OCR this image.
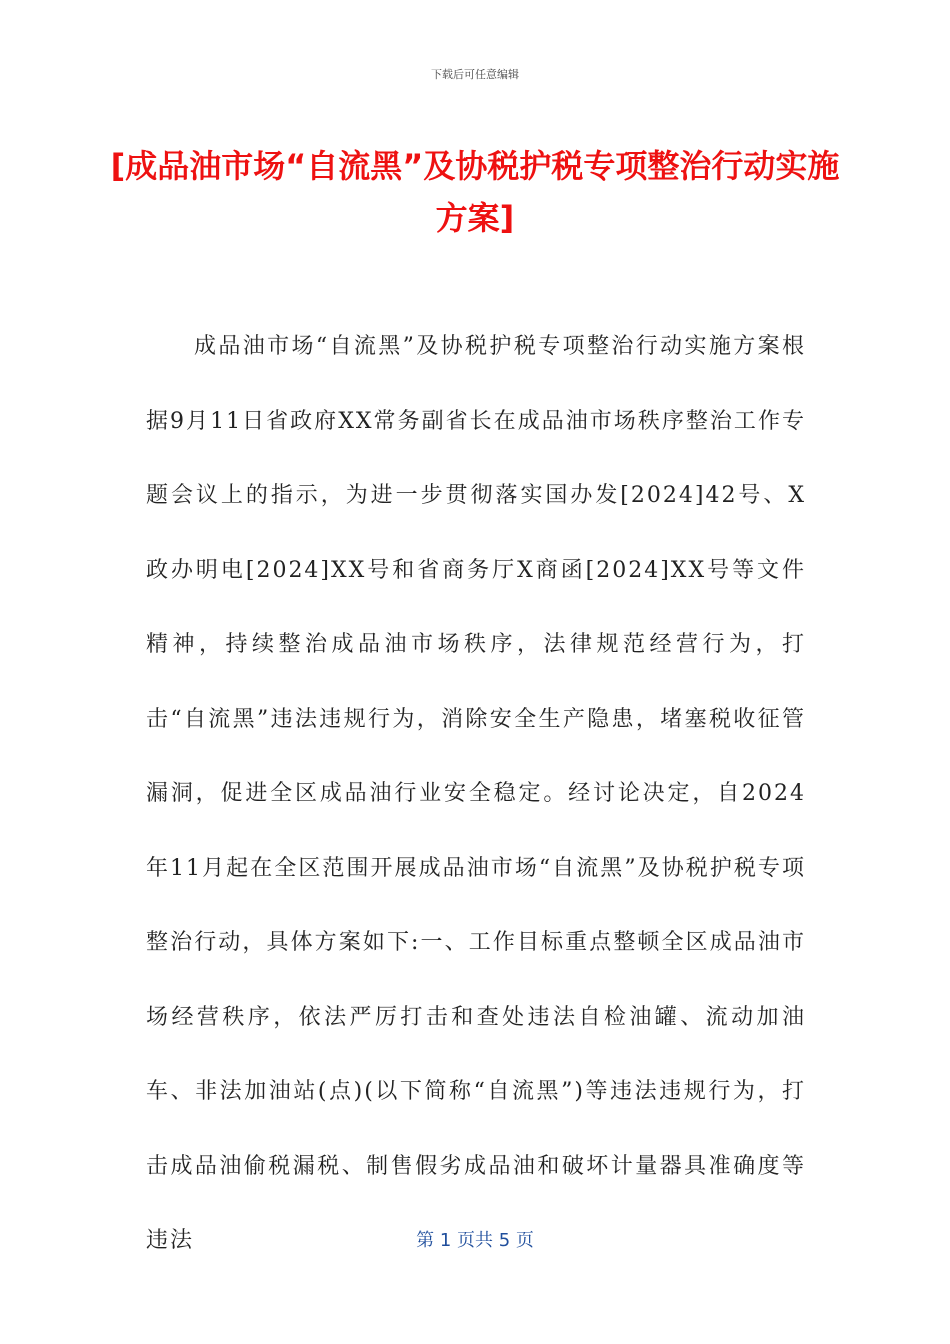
下载后可任意编辑
[成品油市场“自流黑”及协税护税专项整治行动实施方案]

成品油市场“自流黑”及协税护税专项整治行动实施方案根据9月11日省政府XX常务副省长在成品油市场秩序整治工作专题会议上的指示，为进一步贯彻落实国办发[2024]42号、X政办明电[2024]XX号和省商务厅X商函[2024]XX号等文件精神，持续整治成品油市场秩序，法律规范经营行为，打击“自流黑”违法违规行为，消除安全生产隐患，堵塞税收征管漏洞，促进全区成品油行业安全稳定。经讨论决定，自2024年11月起在全区范围开展成品油市场“自流黑”及协税护税专项整治行动，具体方案如下:一、工作目标重点整顿全区成品油市场经营秩序，依法严厉打击和查处违法自检油罐、流动加油车、非法加油站(点)(以下简称“自流黑”)等违法违规行为，打击成品油偷税漏税、制售假劣成品油和破坏计量器具准确度等违法	第 1 页共 5 页
